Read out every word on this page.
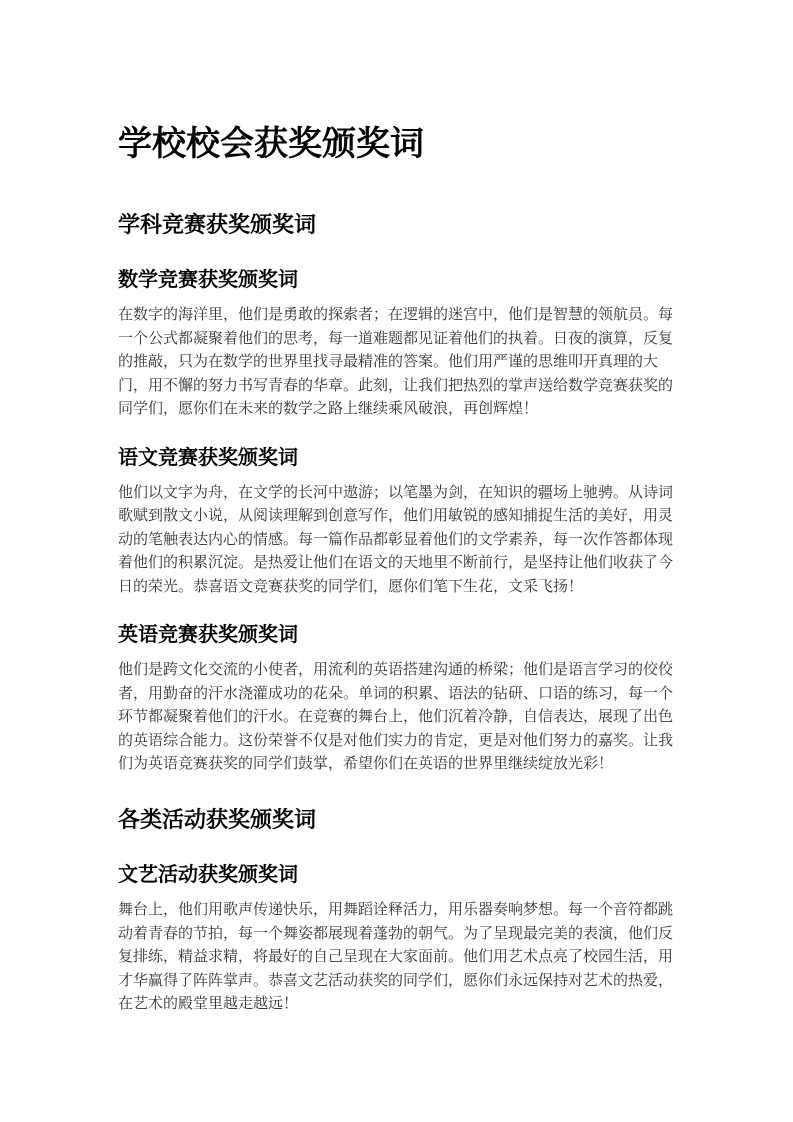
学校校会获奖颁奖词
学科竞赛获奖颁奖词
数学竞赛获奖颁奖词

在数字的海洋里，他们是勇敢的探索者；在逻辑的迷宫中，他们是智慧的领航员。每一个公式都凝聚着他们的思考，每一道难题都见证着他们的执着。日夜的演算，反复的推敲，只为在数学的世界里找寻最精准的答案。他们用严谨的思维叩开真理的大门，用不懈的努力书写青春的华章。此刻，让我们把热烈的掌声送给数学竞赛获奖的同学们，愿你们在未来的数学之路上继续乘风破浪，再创辉煌！

语文竞赛获奖颁奖词

他们以文字为舟，在文学的长河中遨游；以笔墨为剑，在知识的疆场上驰骋。从诗词歌赋到散文小说，从阅读理解到创意写作，他们用敏锐的感知捕捉生活的美好，用灵动的笔触表达内心的情感。每一篇作品都彰显着他们的文学素养，每一次作答都体现着他们的积累沉淀。是热爱让他们在语文的天地里不断前行，是坚持让他们收获了今日的荣光。恭喜语文竞赛获奖的同学们，愿你们笔下生花，文采飞扬！

英语竞赛获奖颁奖词

他们是跨文化交流的小使者，用流利的英语搭建沟通的桥梁；他们是语言学习的佼佼者，用勤奋的汗水浇灌成功的花朵。单词的积累、语法的钻研、口语的练习，每一个环节都凝聚着他们的汗水。在竞赛的舞台上，他们沉着冷静，自信表达，展现了出色的英语综合能力。这份荣誉不仅是对他们实力的肯定，更是对他们努力的嘉奖。让我们为英语竞赛获奖的同学们鼓掌，希望你们在英语的世界里继续绽放光彩！

各类活动获奖颁奖词
文艺活动获奖颁奖词

舞台上，他们用歌声传递快乐，用舞蹈诠释活力，用乐器奏响梦想。每一个音符都跳动着青春的节拍，每一个舞姿都展现着蓬勃的朝气。为了呈现最完美的表演，他们反复排练，精益求精，将最好的自己呈现在大家面前。他们用艺术点亮了校园生活，用才华赢得了阵阵掌声。恭喜文艺活动获奖的同学们，愿你们永远保持对艺术的热爱，在艺术的殿堂里越走越远！
